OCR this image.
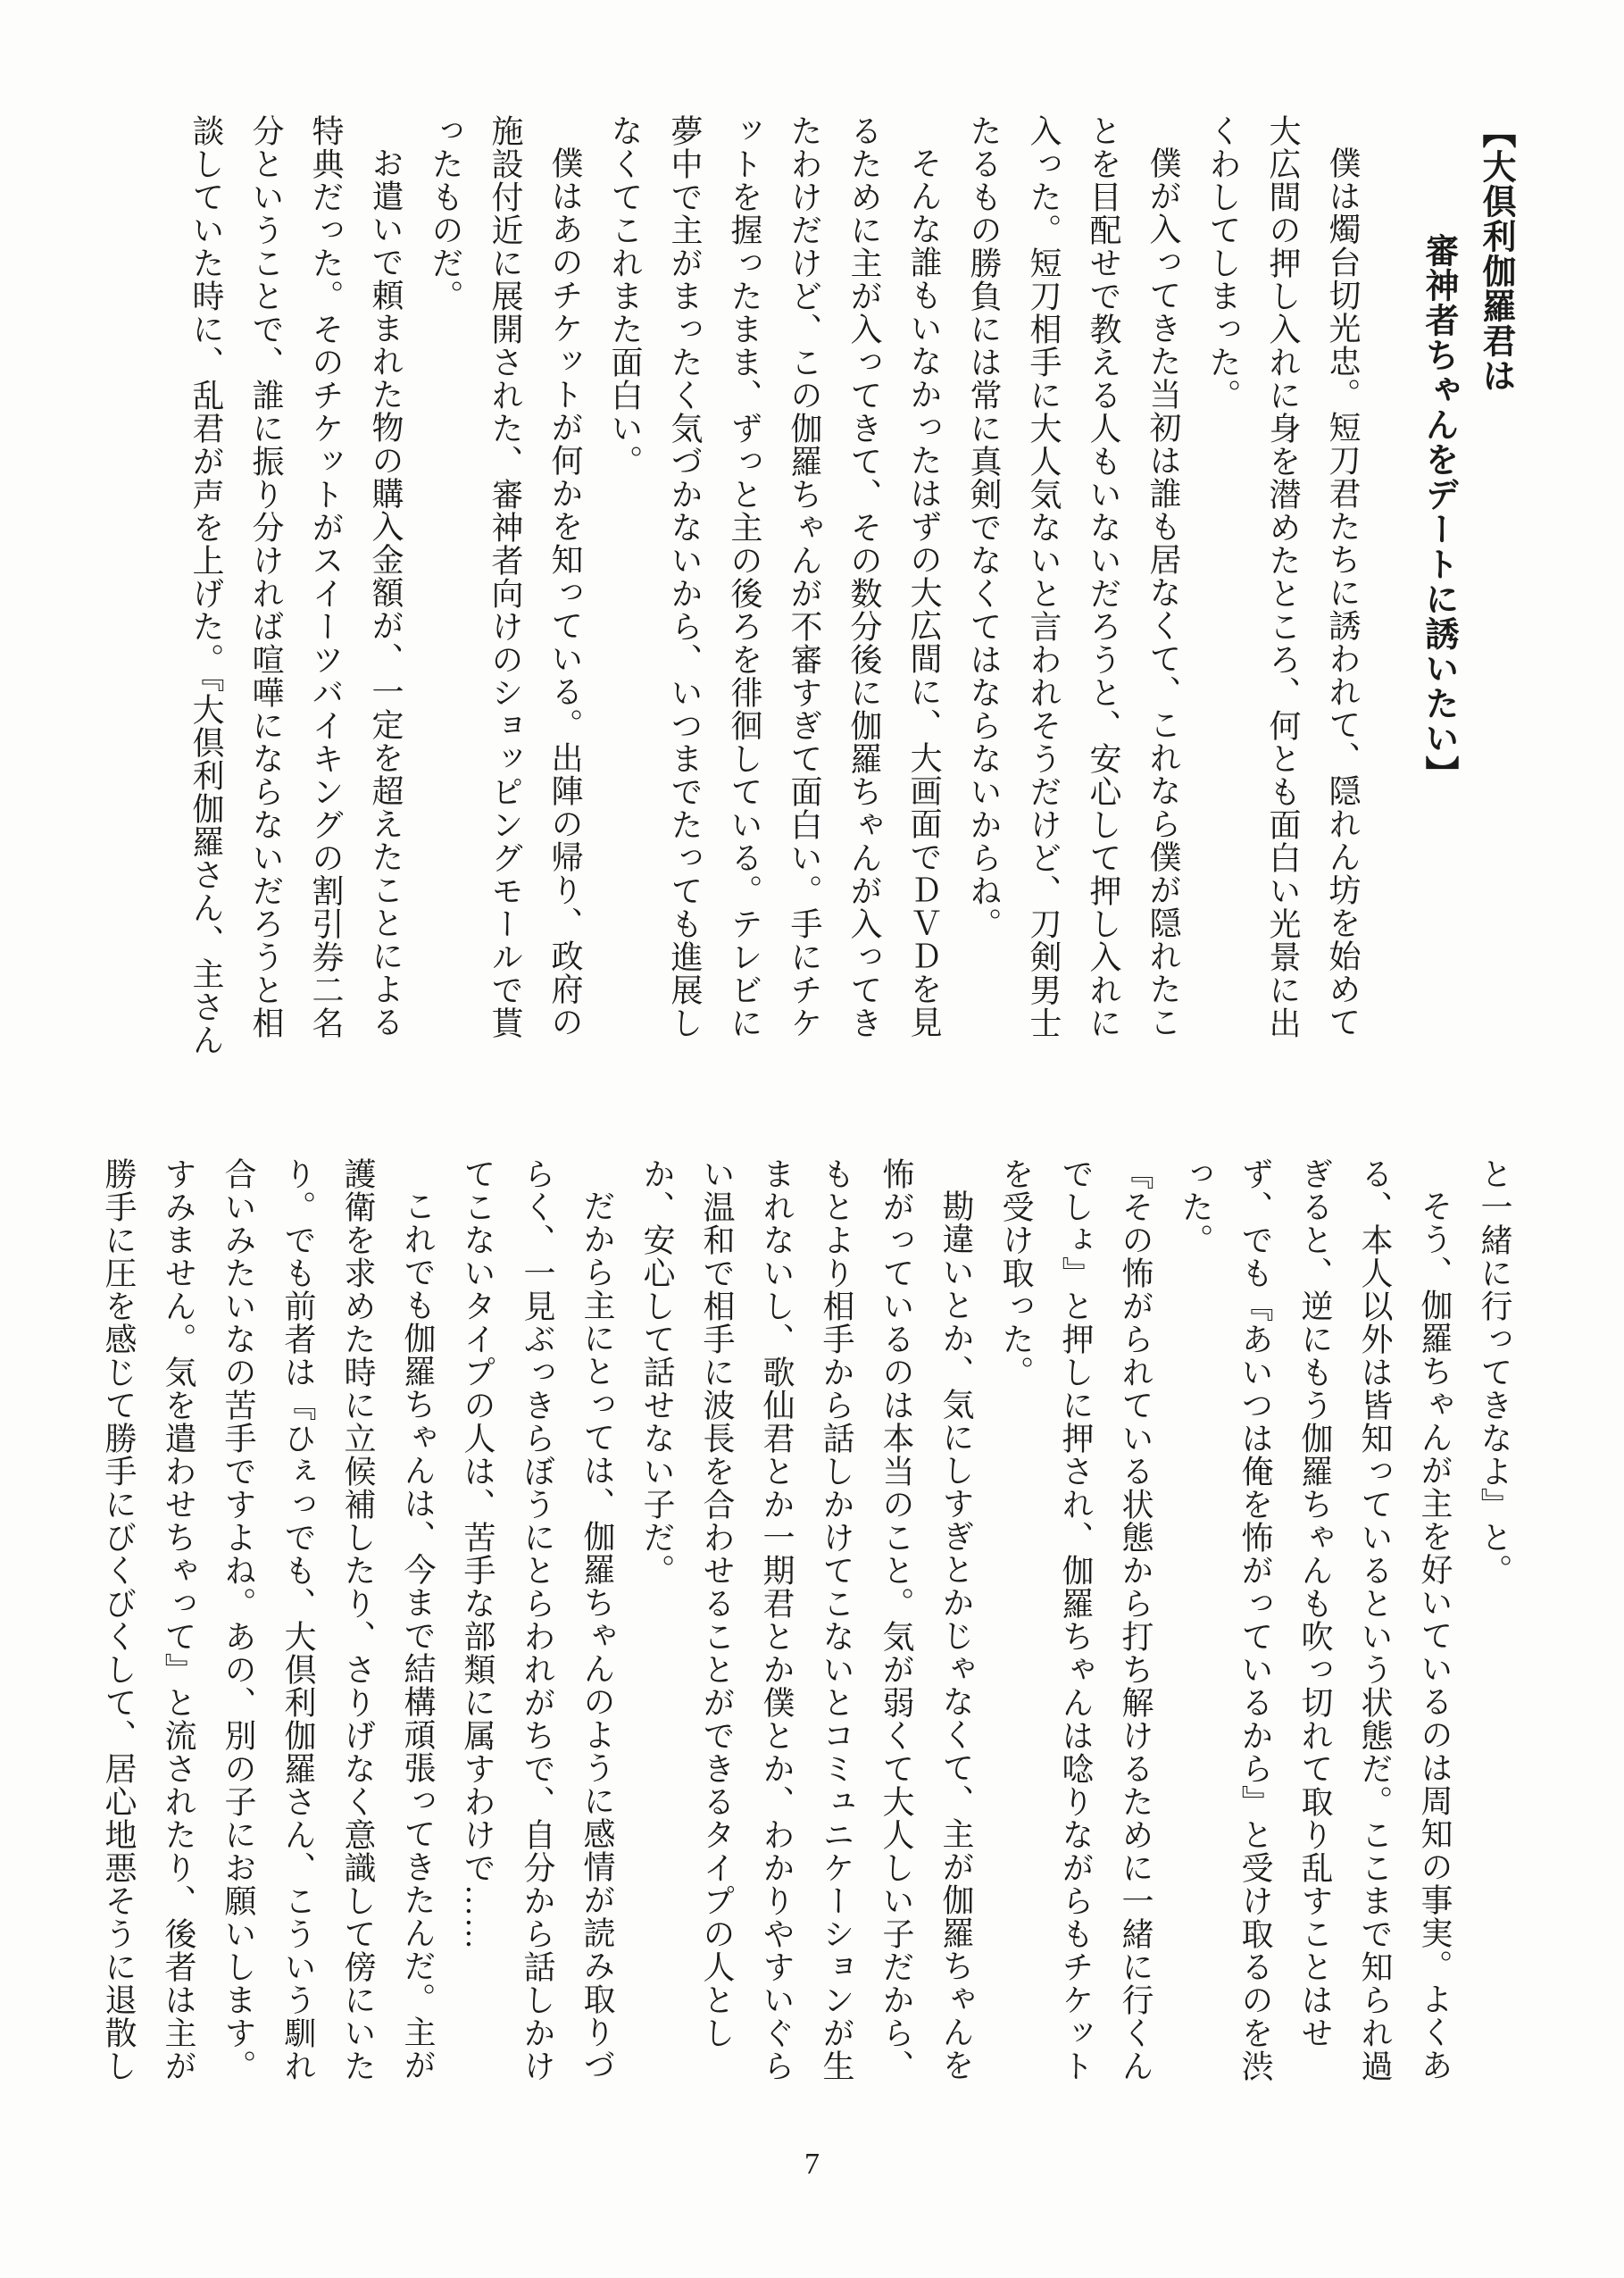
【大倶利伽羅君は
審神者ちゃんをデートに誘いたい】

僕は燭台切光忠。短刀君たちに誘われて、隠れん坊を始めて大広間の押し入れに身を潜めたところ、何とも面白い光景に出くわしてしまった。

僕が入ってきた当初は誰も居なくて、これなら僕が隠れたことを目配せで教える人もいないだろうと、安心して押し入れに入った。短刀相手に大人気ないと言われそうだけど、刀剣男士たるもの勝負には常に真剣でなくてはならないからね。

そんな誰もいなかったはずの大広間に、大画面でＤＶＤを見るために主が入ってきて、その数分後に伽羅ちゃんが入ってきたわけだけど、この伽羅ちゃんが不審すぎて面白い。手にチケットを握ったまま、ずっと主の後ろを徘徊している。テレビに夢中で主がまったく気づかないから、いつまでたっても進展しなくてこれまた面白い。

僕はあのチケットが何かを知っている。出陣の帰り、政府の施設付近に展開された、審神者向けのショッピングモールで貰ったものだ。

お遣いで頼まれた物の購入金額が、一定を超えたことによる特典だった。そのチケットがスイーツバイキングの割引券二名分ということで、誰に振り分ければ喧嘩にならないだろうと相談していた時に、乱君が声を上げた。『大倶利伽羅さん、主さん

と一緒に行ってきなよ』と。

そう、伽羅ちゃんが主を好いているのは周知の事実。よくある、本人以外は皆知っているという状態だ。ここまで知られ過ぎると、逆にもう伽羅ちゃんも吹っ切れて取り乱すことはせず、でも『あいつは俺を怖がっているから』と受け取るのを渋った。

『その怖がられている状態から打ち解けるために一緒に行くんでしょ』と押しに押され、伽羅ちゃんは唸りながらもチケットを受け取った。

勘違いとか、気にしすぎとかじゃなくて、主が伽羅ちゃんを怖がっているのは本当のこと。気が弱くて大人しい子だから、もとより相手から話しかけてこないとコミュニケーションが生まれないし、歌仙君とか一期君とか僕とか、わかりやすいぐらい温和で相手に波長を合わせることができるタイプの人としか、安心して話せない子だ。

だから主にとっては、伽羅ちゃんのように感情が読み取りづらく、一見ぶっきらぼうにとらわれがちで、自分から話しかけてこないタイプの人は、苦手な部類に属すわけで……

これでも伽羅ちゃんは、今まで結構頑張ってきたんだ。主が護衛を求めた時に立候補したり、さりげなく意識して傍にいたり。でも前者は『ひぇっでも、大倶利伽羅さん、こういう馴れ合いみたいなの苦手ですよね。あの、別の子にお願いします。すみません。気を遣わせちゃって』と流されたり、後者は主が勝手に圧を感じて勝手にびくびくして、居心地悪そうに退散し

7
